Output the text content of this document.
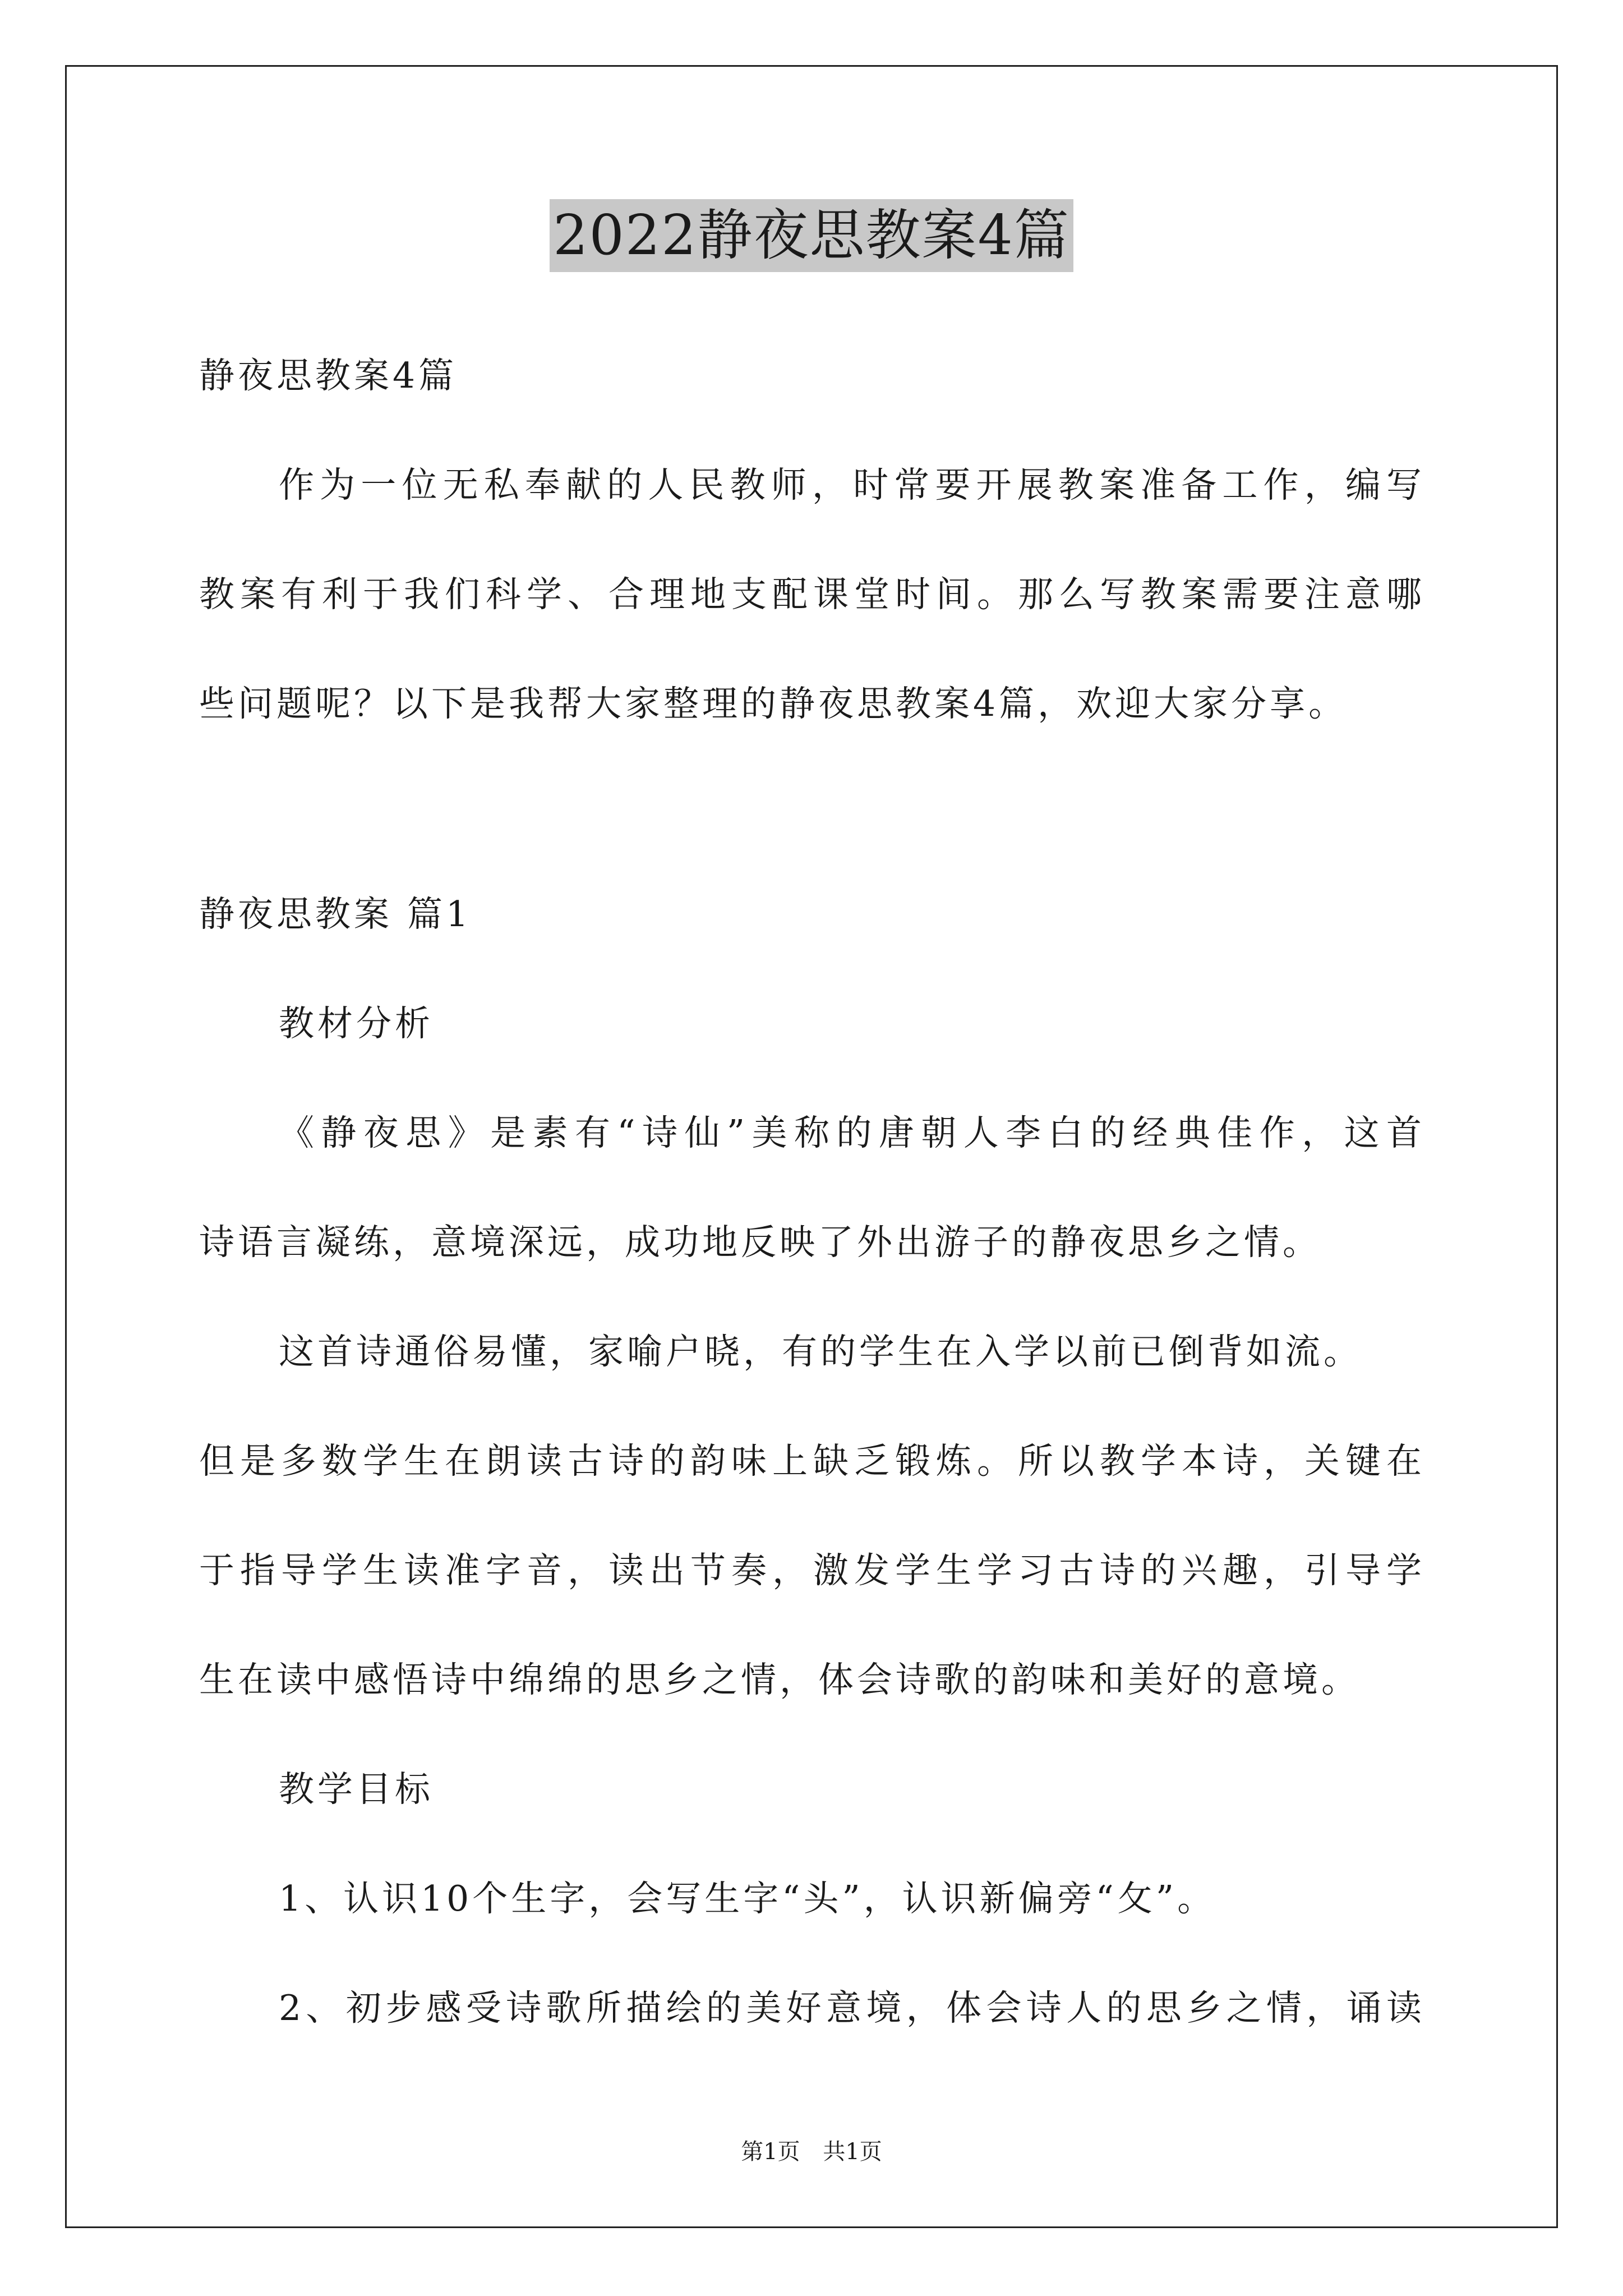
2022静夜思教案4篇
静夜思教案4篇
作为一位无私奉献的人民教师，时常要开展教案准备工作，编写
教案有利于我们科学、合理地支配课堂时间。那么写教案需要注意哪
些问题呢？以下是我帮大家整理的静夜思教案4篇，欢迎大家分享。
静夜思教案 篇1
教材分析
《静夜思》是素有“诗仙”美称的唐朝人李白的经典佳作，这首
诗语言凝练，意境深远，成功地反映了外出游子的静夜思乡之情。
这首诗通俗易懂，家喻户晓，有的学生在入学以前已倒背如流。
但是多数学生在朗读古诗的韵味上缺乏锻炼。所以教学本诗，关键在
于指导学生读准字音，读出节奏，激发学生学习古诗的兴趣，引导学
生在读中感悟诗中绵绵的思乡之情，体会诗歌的韵味和美好的意境。
教学目标
1、认识10个生字，会写生字“头”，认识新偏旁“攵”。
2、初步感受诗歌所描绘的美好意境，体会诗人的思乡之情，诵读
第1页 共1页
